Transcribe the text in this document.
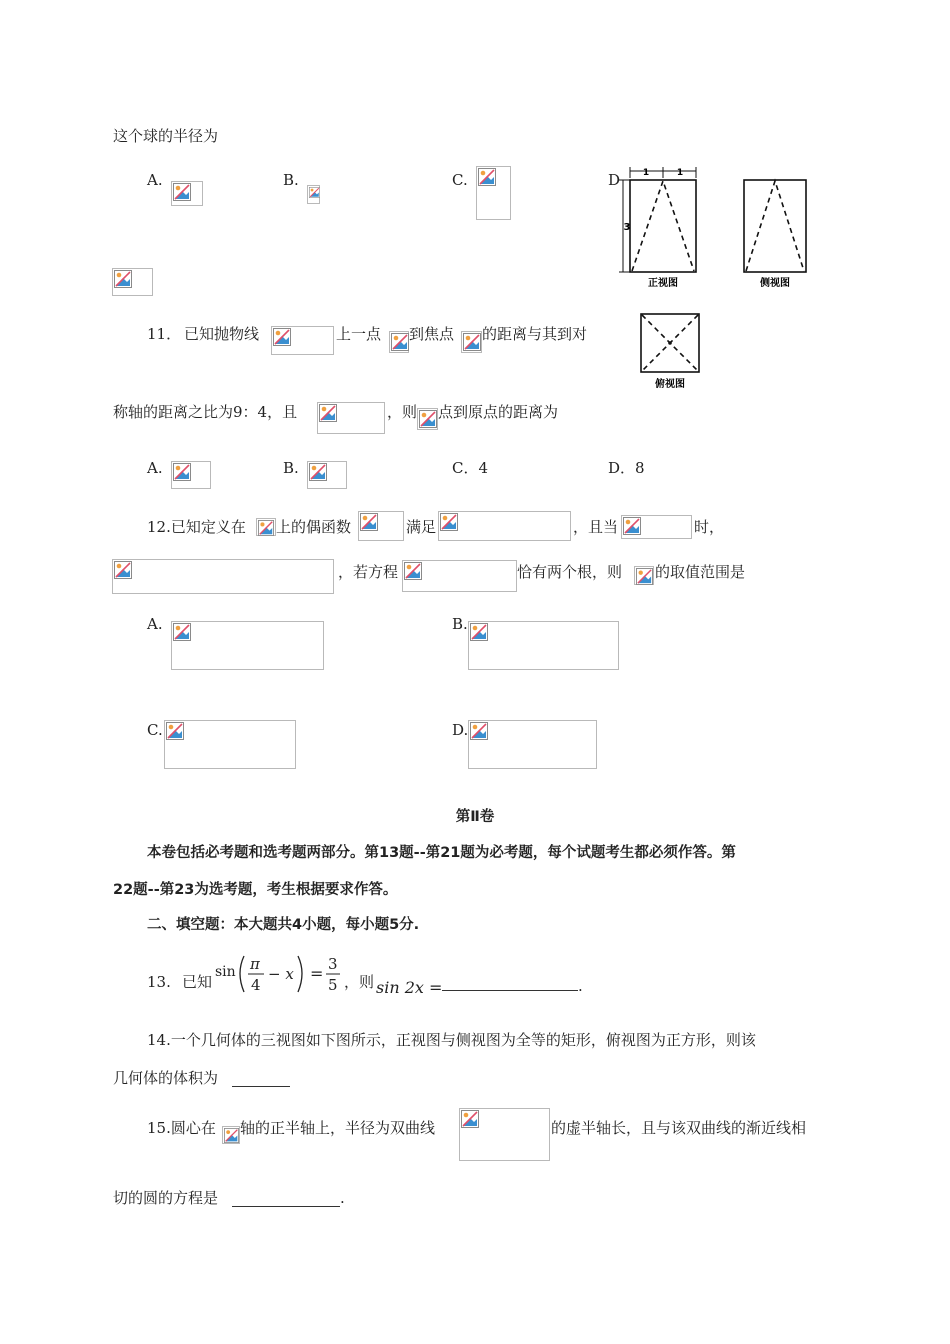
这个球的半径为
A.	B.	C.	D	1	1
3
正视图	侧视图
俯视图
11． 已知抛物线	上一点 到焦点 的距离与其到对
称轴的距离之比为9：4，且	，则 点到原点的距离为
A.	B.	C．4	D．8
12.已知定义在 上的偶函数	满足	，且当	时，
，若方程	恰有两个根，则 的取值范围是
A.	B.
C.	D.
第Ⅱ卷
本卷包括必考题和选考题两部分。第13题--第21题为必考题，每个试题考生都必须作答。第
22题--第23为选考题，考生根据要求作答。
二、填空题：本大题共4小题，每小题5分.
13. 已知
sin π
4
− x = 3
5 ，则 sin 2x =	.
14.一个几何体的三视图如下图所示，正视图与侧视图为全等的矩形，俯视图为正方形，则该
几何体的体积为
15.圆心在 轴的正半轴上，半径为双曲线	的虚半轴长，且与该双曲线的渐近线相
切的圆的方程是	.
